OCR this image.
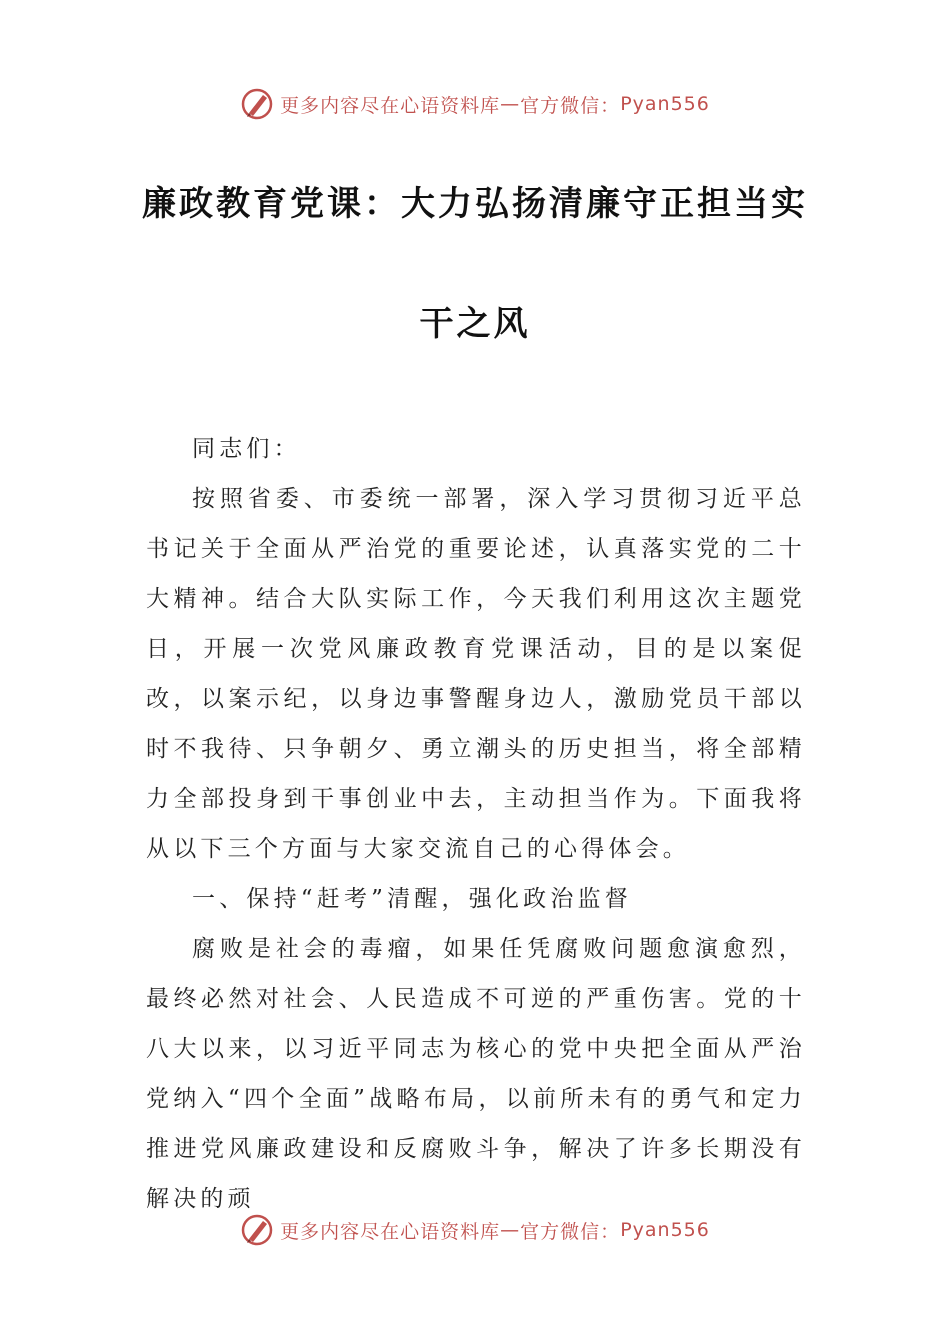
更多内容尽在心语资料库 — 官方微信： Pyan556
廉政教育党课：大力弘扬清廉守正担当实
干之风

同志们：

按照省委、市委统一部署，深入学习贯彻习近平总书记关于全面从严治党的重要论述，认真落实党的二十大精神。结合大队实际工作，今天我们利用这次主题党日，开展一次党风廉政教育党课活动，目的是以案促改，以案示纪，以身边事警醒身边人，激励党员干部以时不我待、只争朝夕、勇立潮头的历史担当，将全部精力全部投身到干事创业中去，主动担当作为。下面我将从以下三个方面与大家交流自己的心得体会。

一、保持“赶考”清醒，强化政治监督

腐败是社会的毒瘤，如果任凭腐败问题愈演愈烈，最终必然对社会、人民造成不可逆的严重伤害。党的十八大以来，以习近平同志为核心的党中央把全面从严治党纳入“四个全面”战略布局，以前所未有的勇气和定力推进党风廉政建设和反腐败斗争，解决了许多长期没有解决的顽

更多内容尽在心语资料库 — 官方微信： Pyan556
